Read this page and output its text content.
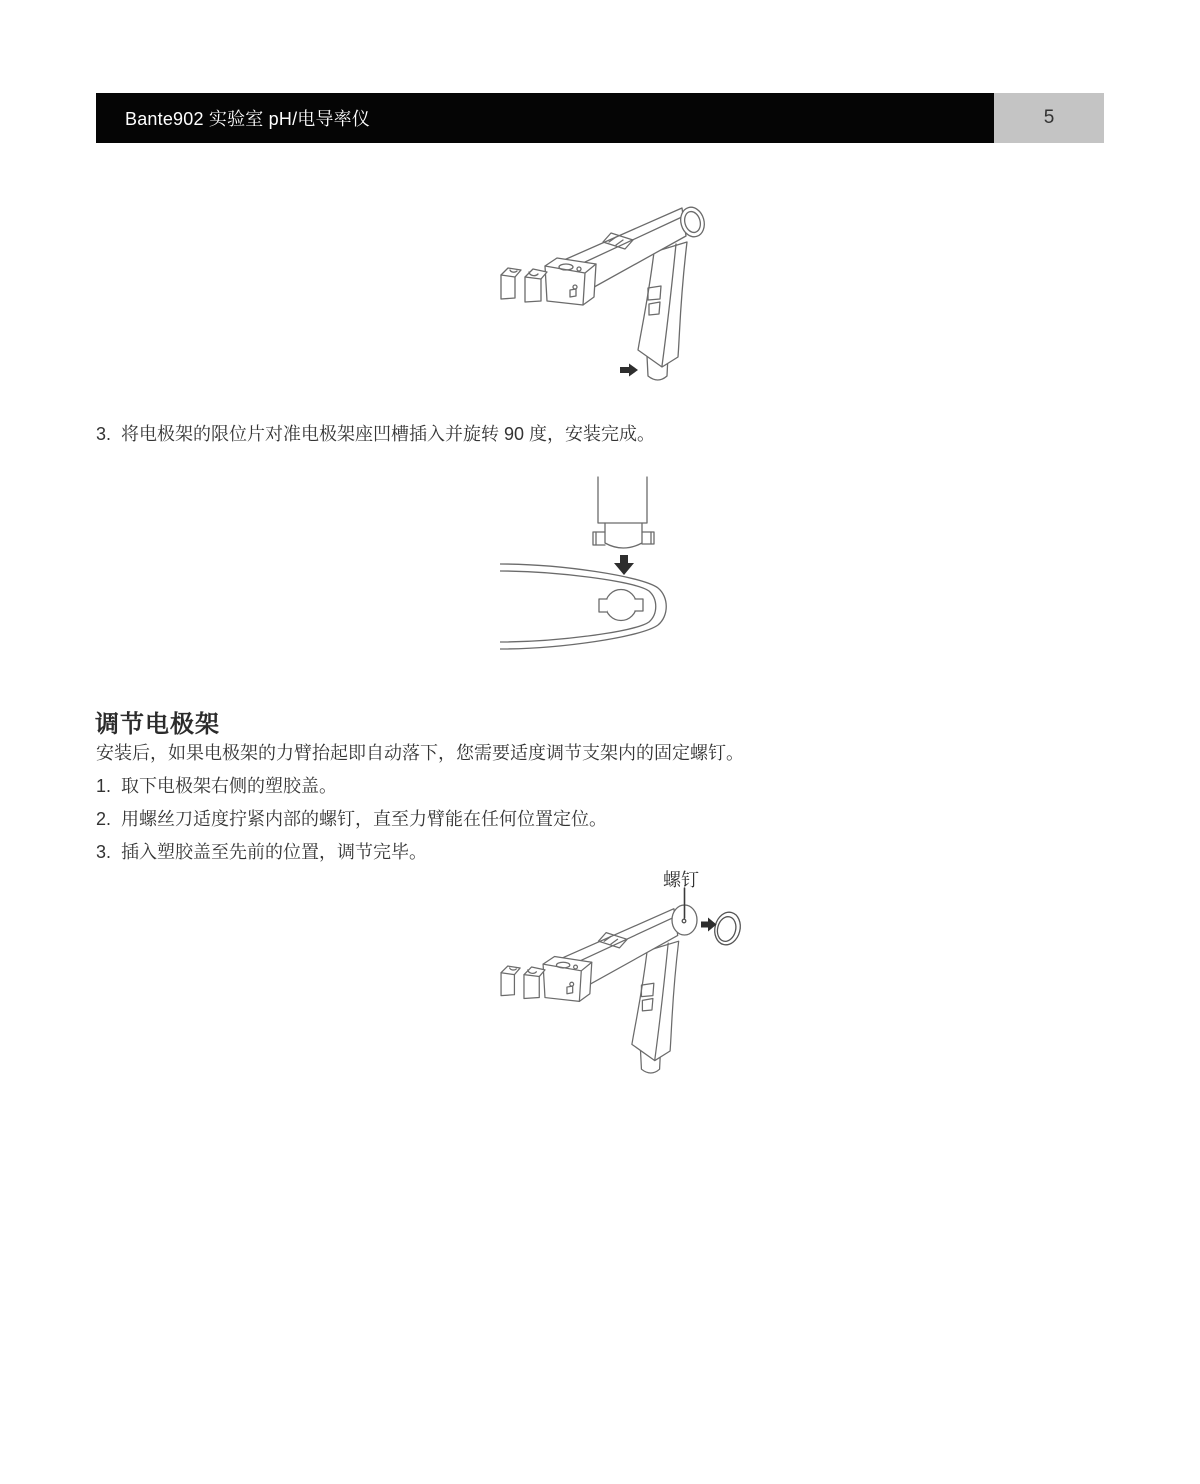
Bante902 实验室 pH/电导率仪	5
3. 将电极架的限位片对准电极架座凹槽插入并旋转 90 度，安装完成。
调节电极架
安装后，如果电极架的力臂抬起即自动落下，您需要适度调节支架内的固定螺钉。
1. 取下电极架右侧的塑胶盖。
2. 用螺丝刀适度拧紧内部的螺钉，直至力臂能在任何位置定位。
3. 插入塑胶盖至先前的位置，调节完毕。
螺钉
